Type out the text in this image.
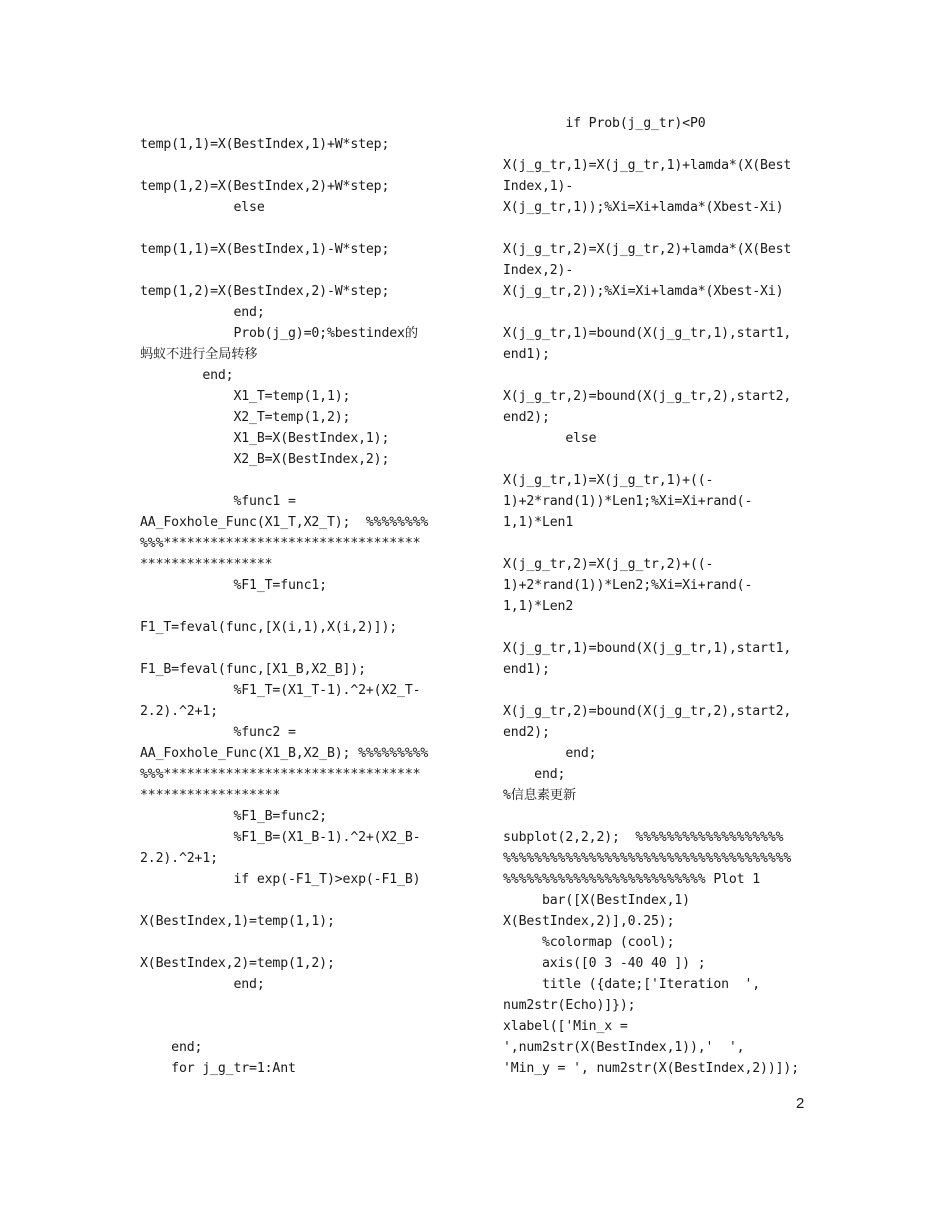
temp(1,1)=X(BestIndex,1)+W*step;
temp(1,2)=X(BestIndex,2)+W*step;
else
temp(1,1)=X(BestIndex,1)-W*step;
temp(1,2)=X(BestIndex,2)-W*step;
end;
Prob(j_g)=0;%bestindex的
蚂蚁不进行全局转移
end;
X1_T=temp(1,1);
X2_T=temp(1,2);
X1_B=X(BestIndex,1);
X2_B=X(BestIndex,2);
%func1 =
AA_Foxhole_Func(X1_T,X2_T);  %%%%%%%%
%%%*********************************
*****************
%F1_T=func1;
F1_T=feval(func,[X(i,1),X(i,2)]);
F1_B=feval(func,[X1_B,X2_B]);
%F1_T=(X1_T-1).^2+(X2_T-
2.2).^2+1;
%func2 =
AA_Foxhole_Func(X1_B,X2_B); %%%%%%%%%
%%%*********************************
******************
%F1_B=func2;
%F1_B=(X1_B-1).^2+(X2_B-
2.2).^2+1;
if exp(-F1_T)>exp(-F1_B)
X(BestIndex,1)=temp(1,1);
X(BestIndex,2)=temp(1,2);
end;
end;
for j_g_tr=1:Ant
if Prob(j_g_tr)<P0
X(j_g_tr,1)=X(j_g_tr,1)+lamda*(X(Best
Index,1)-
X(j_g_tr,1));%Xi=Xi+lamda*(Xbest-Xi)
X(j_g_tr,2)=X(j_g_tr,2)+lamda*(X(Best
Index,2)-
X(j_g_tr,2));%Xi=Xi+lamda*(Xbest-Xi)
X(j_g_tr,1)=bound(X(j_g_tr,1),start1,
end1);
X(j_g_tr,2)=bound(X(j_g_tr,2),start2,
end2);
else
X(j_g_tr,1)=X(j_g_tr,1)+((-
1)+2*rand(1))*Len1;%Xi=Xi+rand(-
1,1)*Len1
X(j_g_tr,2)=X(j_g_tr,2)+((-
1)+2*rand(1))*Len2;%Xi=Xi+rand(-
1,1)*Len2
X(j_g_tr,1)=bound(X(j_g_tr,1),start1,
end1);
X(j_g_tr,2)=bound(X(j_g_tr,2),start2,
end2);
end;
end;
%信息素更新
subplot(2,2,2);  %%%%%%%%%%%%%%%%%%%
%%%%%%%%%%%%%%%%%%%%%%%%%%%%%%%%%%%%%
%%%%%%%%%%%%%%%%%%%%%%%%%% Plot 1
bar([X(BestIndex,1)
X(BestIndex,2)],0.25);
%colormap (cool);
axis([0 3 -40 40 ]) ;
title ({date;['Iteration  ',
num2str(Echo)]});
xlabel(['Min_x =
',num2str(X(BestIndex,1)),'  ',
'Min_y = ', num2str(X(BestIndex,2))]);
2
